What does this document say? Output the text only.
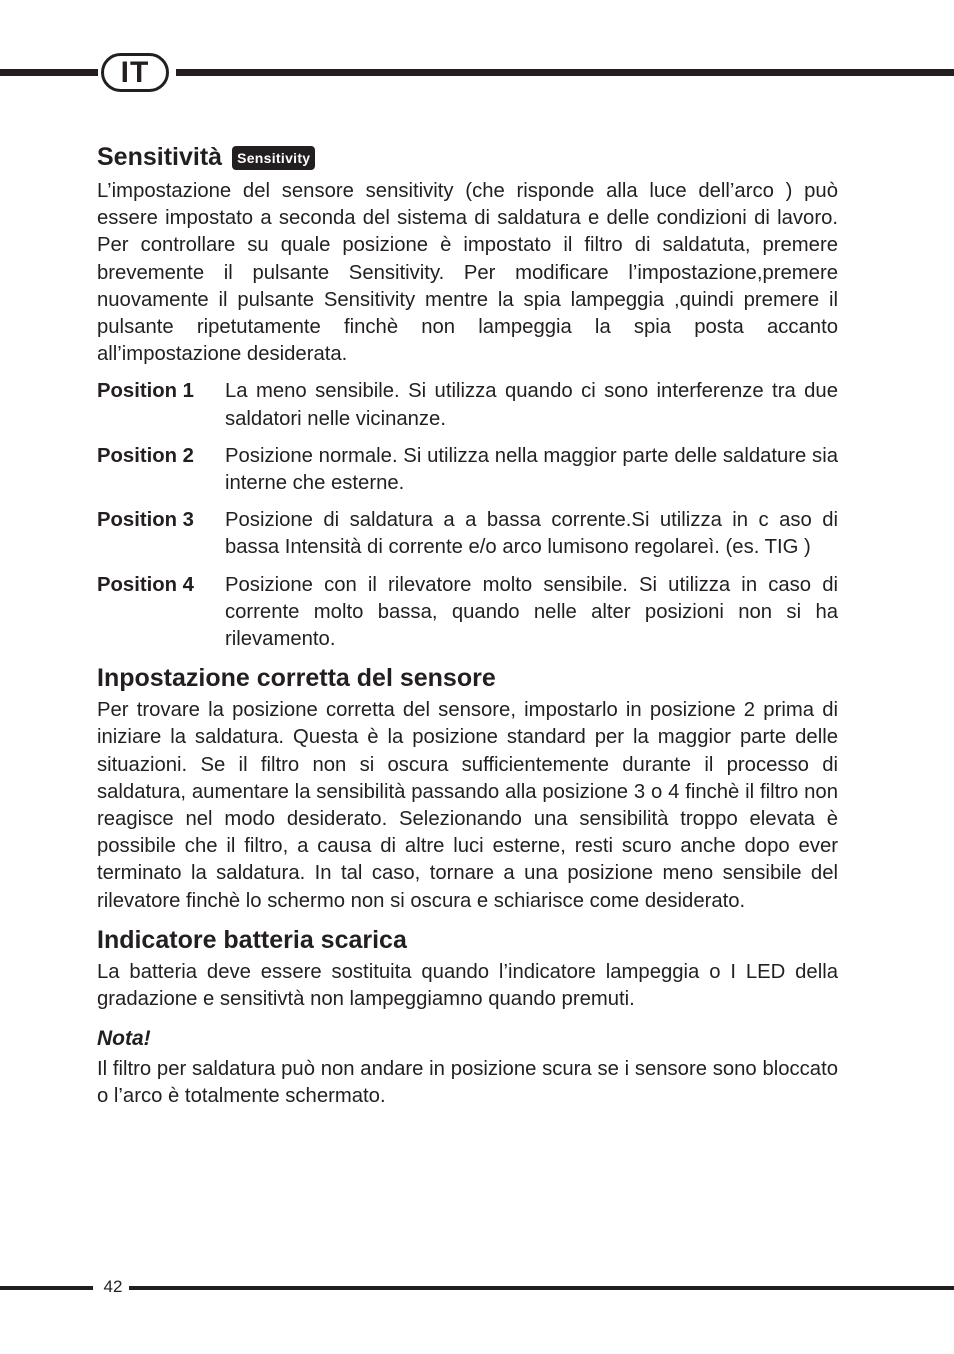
IT
Sensitività	Sensitivity

L’impostazione del sensore sensitivity (che risponde alla luce dell’arco ) può essere impostato a seconda del sistema di saldatura e delle condizioni di lavoro. Per controllare su quale posizione è impostato il filtro di saldatuta, premere brevemente il pulsante Sensitivity. Per modificare l’impostazione,premere nuovamente il pulsante Sensitivity mentre la spia lampeggia ,quindi premere il pulsante ripetutamente finchè non lampeggia la spia posta accanto all’impostazione desiderata.

Position 1	La meno sensibile. Si utilizza quando ci sono interferenze tra due saldatori nelle vicinanze.
Position 2	Posizione normale. Si utilizza nella maggior parte delle saldature sia interne che esterne.
Position 3	Posizione di saldatura a a bassa corrente.Si utilizza in c aso di bassa Intensità di corrente e/o arco lumisono regolareì. (es. TIG )
Position 4	Posizione con il rilevatore molto sensibile. Si utilizza in caso di corrente molto bassa, quando nelle alter posizioni non si ha rilevamento.
Inpostazione corretta del sensore

Per trovare la posizione corretta del sensore, impostarlo in posizione 2 prima di iniziare la saldatura. Questa è la posizione standard per la maggior parte delle situazioni. Se il filtro non si oscura sufficientemente durante il processo di saldatura, aumentare la sensibilità passando alla posizione 3 o 4 finchè il filtro non reagisce nel modo desiderato. Selezionando una sensibilità troppo elevata è possibile che il filtro, a causa di altre luci esterne, resti scuro anche dopo ever terminato la saldatura. In tal caso, tornare a una posizione meno sensibile del rilevatore finchè lo schermo non si oscura e schiarisce come desiderato.

Indicatore batteria scarica

La batteria deve essere sostituita quando l’indicatore lampeggia o I LED della gradazione e sensitivtà non lampeggiamno quando premuti.

Nota!

Il filtro per saldatura può non andare in posizione scura se i sensore sono bloccato o l’arco è totalmente schermato.

42
